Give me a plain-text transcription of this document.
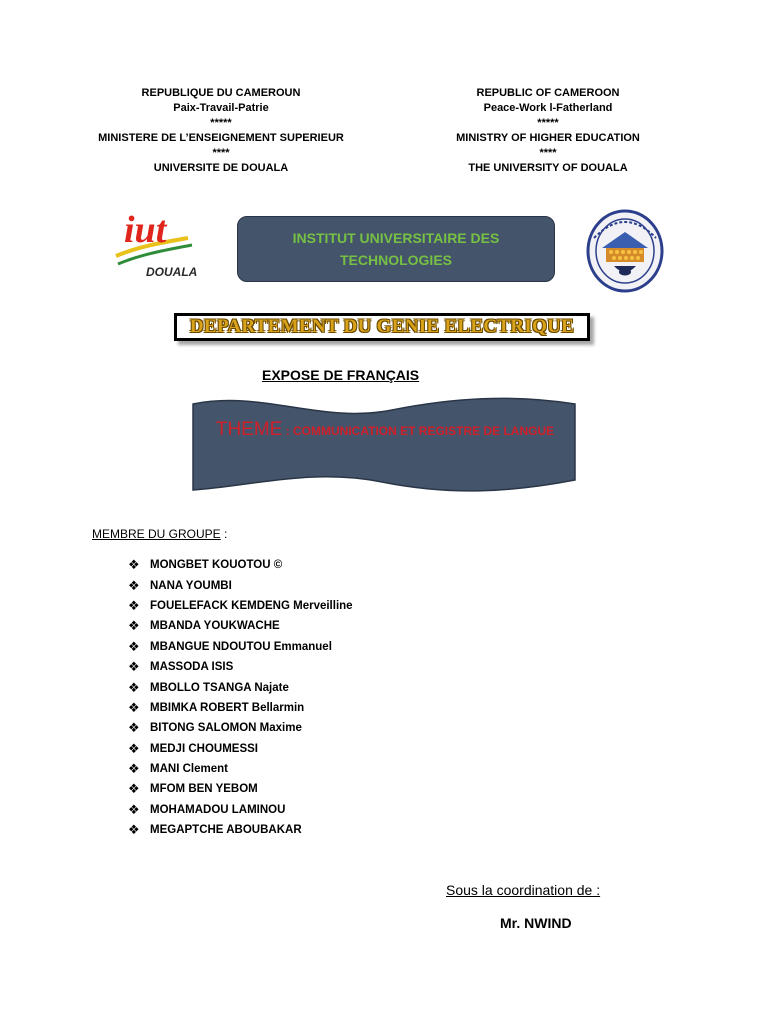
REPUBLIQUE DU CAMEROUN
Paix-Travail-Patrie
*****
MINISTERE DE L’ENSEIGNEMENT SUPERIEUR
****
UNIVERSITE DE DOUALA
REPUBLIC OF CAMEROON
Peace-Work l-Fatherland
*****
MINISTRY OF HIGHER EDUCATION
****
THE UNIVERSITY OF DOUALA
iut
DOUALA
INSTITUT UNIVERSITAIRE DES TECHNOLOGIES
DEPARTEMENT DU GENIE ELECTRIQUE
EXPOSE DE FRANÇAIS
THEME : COMMUNICATION ET REGISTRE DE LANGUE
MEMBRE DU GROUPE :
❖ MONGBET KOUOTOU ©
❖ NANA YOUMBI
❖ FOUELEFACK KEMDENG Merveilline
❖ MBANDA YOUKWACHE
❖ MBANGUE NDOUTOU Emmanuel
❖ MASSODA ISIS
❖ MBOLLO TSANGA Najate
❖ MBIMKA ROBERT Bellarmin
❖ BITONG SALOMON Maxime
❖ MEDJI CHOUMESSI
❖ MANI Clement
❖ MFOM BEN YEBOM
❖ MOHAMADOU LAMINOU
❖ MEGAPTCHE ABOUBAKAR
Sous la coordination de :
Mr. NWIND
